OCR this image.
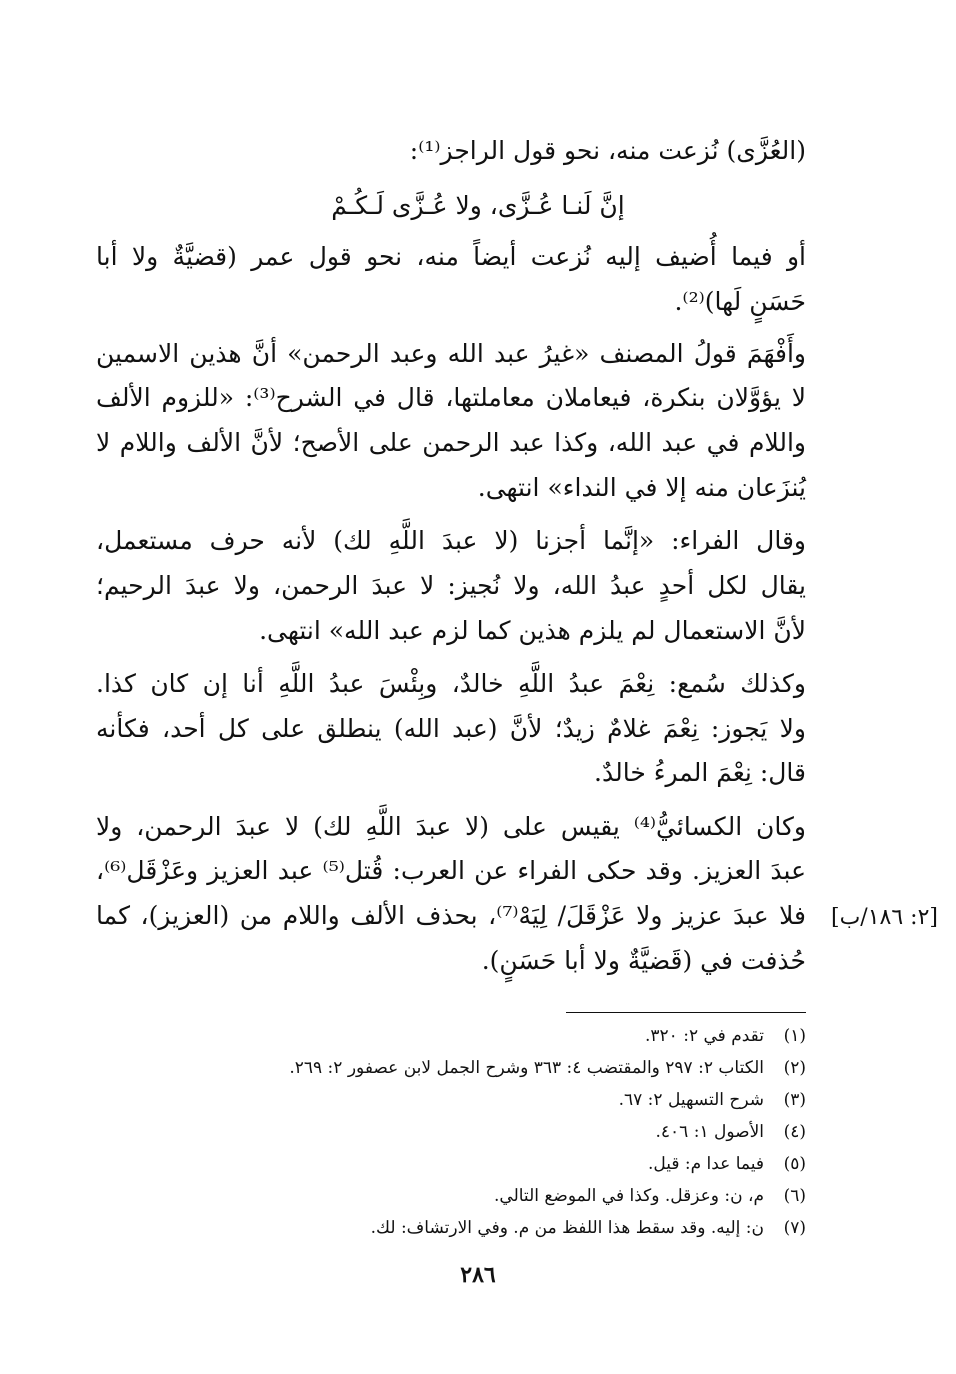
(العُزَّى) نُزعت منه، نحو قول الراجز⁽¹⁾:
إنَّ لَنـا عُـزَّى، ولا عُـزَّى لَـكُـمْ
أو فيما أُضيف إليه نُزعت أيضاً منه، نحو قول عمر (قضيَّةٌ ولا أبا
حَسَنٍ لَها)⁽²⁾.
وأَفْهَمَ قولُ المصنف «غيرُ عبد الله وعبد الرحمن» أنَّ هذين الاسمين
لا يؤوَّلان بنكرة، فيعاملان معاملتها، قال في الشرح⁽³⁾: «للزوم الألف
واللام في عبد الله، وكذا عبد الرحمن على الأصح؛ لأنَّ الألف واللام لا
يُنزَعان منه إلا في النداء» انتهى.
وقال الفراء: «إنَّما أجزنا (لا عبدَ اللَّهِ لك) لأنه حرف مستعمل،
يقال لكل أحدٍ عبدُ الله، ولا نُجيز: لا عبدَ الرحمن، ولا عبدَ الرحيم؛
لأنَّ الاستعمال لم يلزم هذين كما لزم عبد الله» انتهى.
وكذلك سُمع: نِعْمَ عبدُ اللَّهِ خالدٌ، وبِئْسَ عبدُ اللَّهِ أنا إن كان كذا.
ولا يَجوز: نِعْمَ غلامٌ زيدٌ؛ لأنَّ (عبد الله) ينطلق على كل أحد، فكأنه
قال: نِعْمَ المرءُ خالدٌ.
وكان الكسائيُّ⁽⁴⁾ يقيس على (لا عبدَ اللَّهِ لك) لا عبدَ الرحمن، ولا
عبدَ العزيز. وقد حكى الفراء عن العرب: قُتل⁽⁵⁾ عبد العزيز وعَزْقَل⁽⁶⁾،
فلا عبدَ عزيز ولا عَزْقَلَ/ لِيَهْ⁽⁷⁾، بحذف الألف واللام من (العزيز)، كما
حُذفت في (قَضيَّةٌ ولا أبا حَسَنٍ).
[٢: ١٨٦/ب]
(١)تقدم في ٢: ٣٢٠.
(٢)الكتاب ٢: ٢٩٧ والمقتضب ٤: ٣٦٣ وشرح الجمل لابن عصفور ٢: ٢٦٩.
(٣)شرح التسهيل ٢: ٦٧.
(٤)الأصول ١: ٤٠٦.
(٥)فيما عدا م: قيل.
(٦)م، ن: وعزقل. وكذا في الموضع التالي.
(٧)ن: إليه. وقد سقط هذا اللفظ من م. وفي الارتشاف: لك.
٢٨٦
